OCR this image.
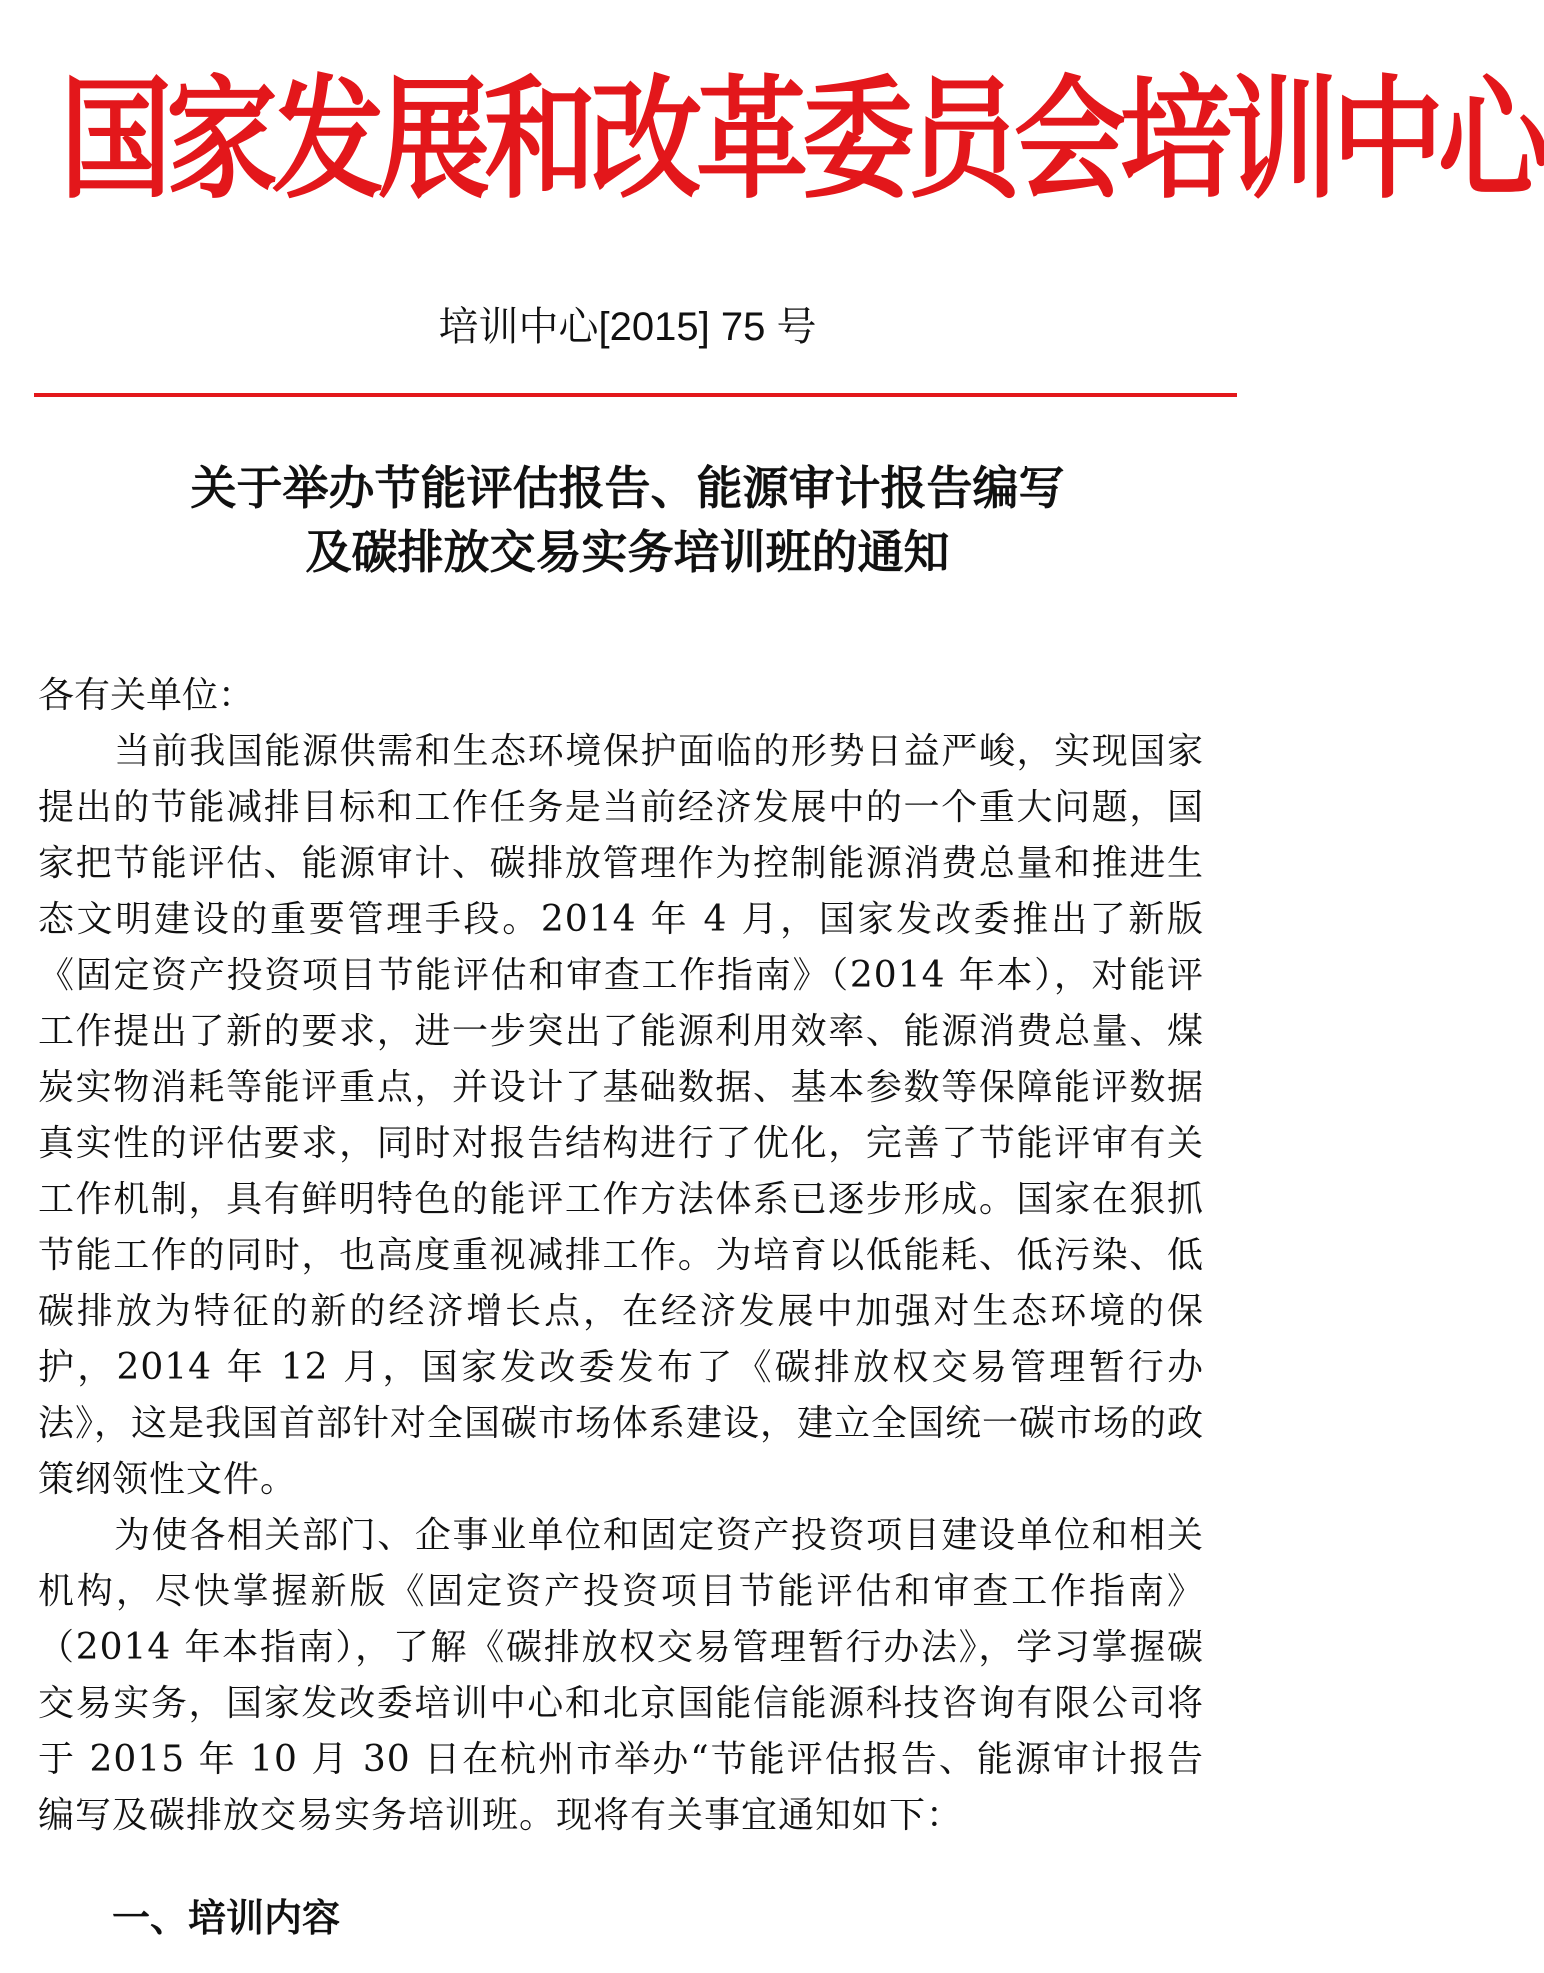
国家发展和改革委员会培训中心
培训中心[2015] 75 号
关于举办节能评估报告、能源审计报告编写
及碳排放交易实务培训班的通知

各有关单位：

当前我国能源供需和生态环境保护面临的形势日益严峻，实现国家提出的节能减排目标和工作任务是当前经济发展中的一个重大问题，国家把节能评估、能源审计、碳排放管理作为控制能源消费总量和推进生态文明建设的重要管理手段。2014 年 4 月，国家发改委推出了新版《固定资产投资项目节能评估和审查工作指南》（2014 年本），对能评工作提出了新的要求，进一步突出了能源利用效率、能源消费总量、煤炭实物消耗等能评重点，并设计了基础数据、基本参数等保障能评数据真实性的评估要求，同时对报告结构进行了优化，完善了节能评审有关工作机制，具有鲜明特色的能评工作方法体系已逐步形成。国家在狠抓节能工作的同时，也高度重视减排工作。为培育以低能耗、低污染、低碳排放为特征的新的经济增长点，在经济发展中加强对生态环境的保护，2014 年 12 月，国家发改委发布了《碳排放权交易管理暂行办法》，这是我国首部针对全国碳市场体系建设，建立全国统一碳市场的政策纲领性文件。

为使各相关部门、企事业单位和固定资产投资项目建设单位和相关机构，尽快掌握新版《固定资产投资项目节能评估和审查工作指南》（2014 年本指南），了解《碳排放权交易管理暂行办法》，学习掌握碳交易实务，国家发改委培训中心和北京国能信能源科技咨询有限公司将于 2015 年 10 月 30 日在杭州市举办“节能评估报告、能源审计报告编写及碳排放交易实务培训班。现将有关事宜通知如下：

一、培训内容
